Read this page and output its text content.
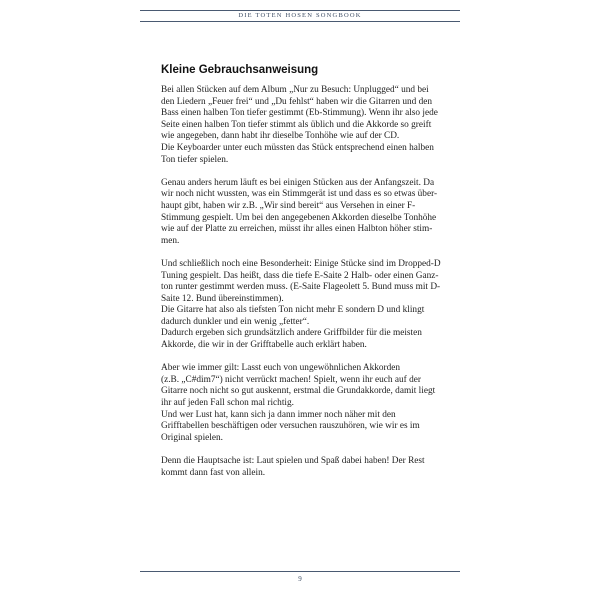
DIE TOTEN HOSEN SONGBOOK
Kleine Gebrauchsanweisung

Bei allen Stücken auf dem Album „Nur zu Besuch: Unplugged“ und bei
den Liedern „Feuer frei“ und „Du fehlst“ haben wir die Gitarren und den
Bass einen halben Ton tiefer gestimmt (Eb-Stimmung). Wenn ihr also jede
Seite einen halben Ton tiefer stimmt als üblich und die Akkorde so greift
wie angegeben, dann habt ihr dieselbe Tonhöhe wie auf der CD.
Die Keyboarder unter euch müssten das Stück entsprechend einen halben
Ton tiefer spielen.

Genau anders herum läuft es bei einigen Stücken aus der Anfangszeit. Da
wir noch nicht wussten, was ein Stimmgerät ist und dass es so etwas über-
haupt gibt, haben wir z.B. „Wir sind bereit“ aus Versehen in einer F-
Stimmung gespielt. Um bei den angegebenen Akkorden dieselbe Tonhöhe
wie auf der Platte zu erreichen, müsst ihr alles einen Halbton höher stim-
men.

Und schließlich noch eine Besonderheit: Einige Stücke sind im Dropped-D
Tuning gespielt. Das heißt, dass die tiefe E-Saite 2 Halb- oder einen Ganz-
ton runter gestimmt werden muss. (E-Saite Flageolett 5. Bund muss mit D-
Saite 12. Bund übereinstimmen).
Die Gitarre hat also als tiefsten Ton nicht mehr E sondern D und klingt
dadurch dunkler und ein wenig „fetter“.
Dadurch ergeben sich grundsätzlich andere Griffbilder für die meisten
Akkorde, die wir in der Grifftabelle auch erklärt haben.

Aber wie immer gilt: Lasst euch von ungewöhnlichen Akkorden
(z.B. „C#dim7“) nicht verrückt machen! Spielt, wenn ihr euch auf der
Gitarre noch nicht so gut auskennt, erstmal die Grundakkorde, damit liegt
ihr auf jeden Fall schon mal richtig.
Und wer Lust hat, kann sich ja dann immer noch näher mit den
Grifftabellen beschäftigen oder versuchen rauszuhören, wie wir es im
Original spielen.

Denn die Hauptsache ist: Laut spielen und Spaß dabei haben! Der Rest
kommt dann fast von allein.

9
